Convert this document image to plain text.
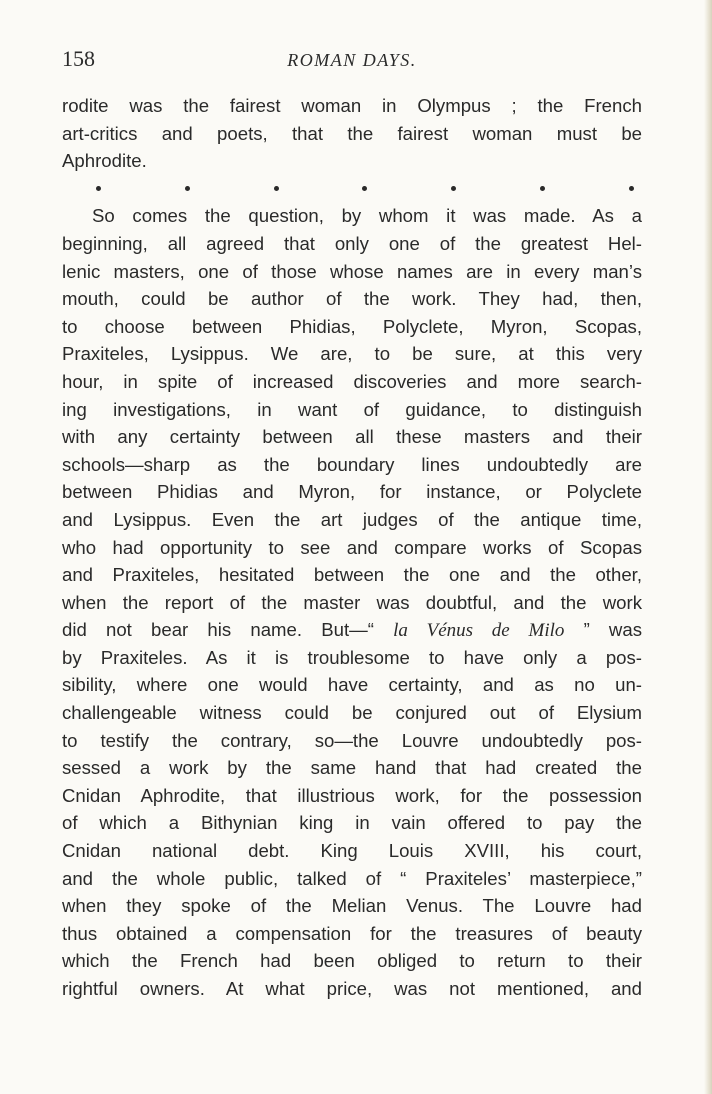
158	ROMAN DAYS.
rodite was the fairest woman in Olympus ; the French
art-critics and poets, that the fairest woman must be
Aphrodite.
So comes the question, by whom it was made. As a
beginning, all agreed that only one of the greatest Hel-
lenic masters, one of those whose names are in every man’s
mouth, could be author of the work. They had, then,
to choose between Phidias, Polyclete, Myron, Scopas,
Praxiteles, Lysippus. We are, to be sure, at this very
hour, in spite of increased discoveries and more search-
ing investigations, in want of guidance, to distinguish
with any certainty between all these masters and their
schools—sharp as the boundary lines undoubtedly are
between Phidias and Myron, for instance, or Polyclete
and Lysippus. Even the art judges of the antique time,
who had opportunity to see and compare works of Scopas
and Praxiteles, hesitated between the one and the other,
when the report of the master was doubtful, and the work
did not bear his name. But—“ la Vénus de Milo ” was
by Praxiteles. As it is troublesome to have only a pos-
sibility, where one would have certainty, and as no un-
challengeable witness could be conjured out of Elysium
to testify the contrary, so—the Louvre undoubtedly pos-
sessed a work by the same hand that had created the
Cnidan Aphrodite, that illustrious work, for the possession
of which a Bithynian king in vain offered to pay the
Cnidan national debt. King Louis XVIII, his court,
and the whole public, talked of “ Praxiteles’ masterpiece,”
when they spoke of the Melian Venus. The Louvre had
thus obtained a compensation for the treasures of beauty
which the French had been obliged to return to their
rightful owners. At what price, was not mentioned, and
